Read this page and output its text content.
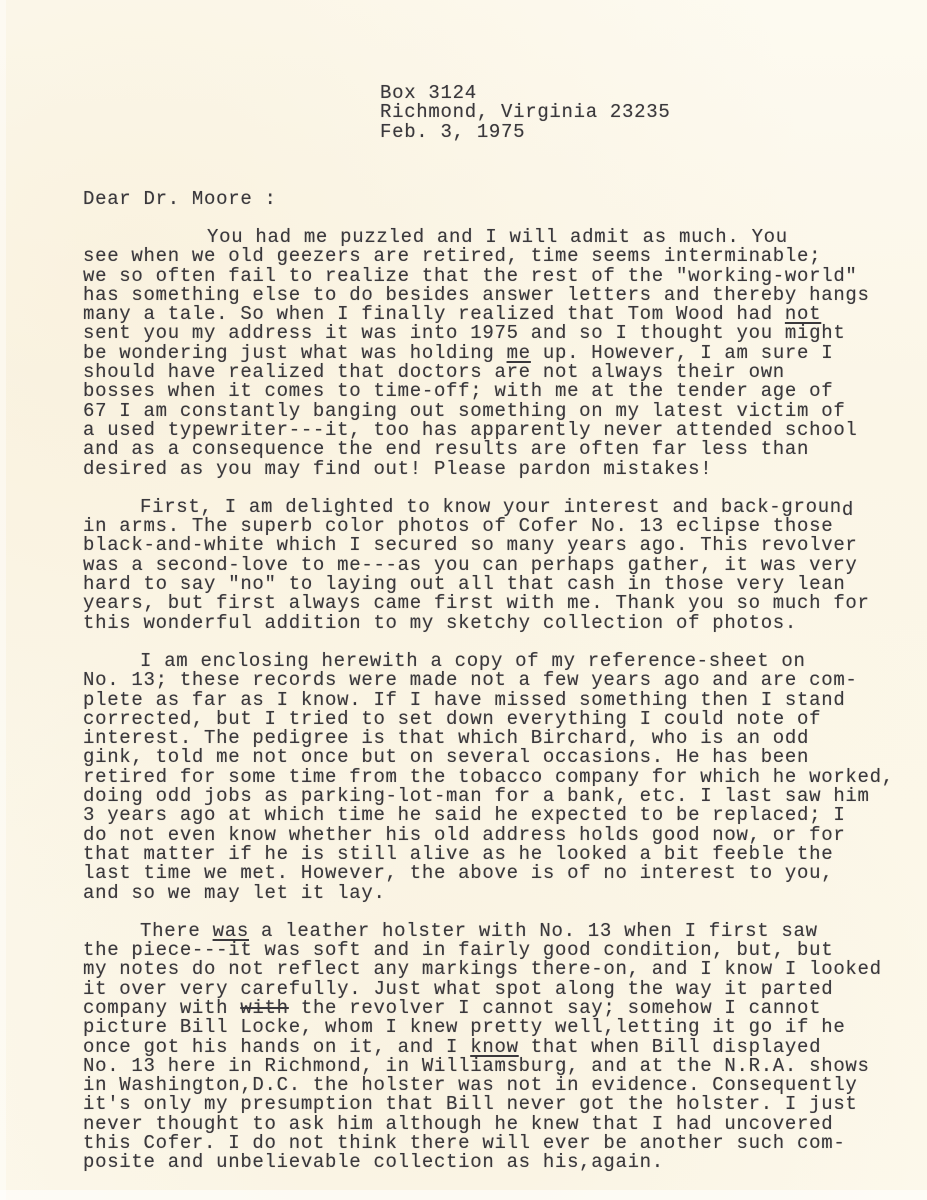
Box 3124
Richmond, Virginia 23235
Feb. 3, 1975
Dear Dr. Moore :
You had me puzzled and I will admit as much. You
see when we old geezers are retired, time seems interminable;
we so often fail to realize that the rest of the "working-world"
has something else to do besides answer letters and thereby hangs
many a tale. So when I finally realized that Tom Wood had not
sent you my address it was into 1975 and so I thought you might
be wondering just what was holding me up. However, I am sure I
should have realized that doctors are not always their own
bosses when it comes to time-off; with me at the tender age of
67 I am constantly banging out something on my latest victim of
a used typewriter---it, too has apparently never attended school
and as a consequence the end results are often far less than
desired as you may find out! Please pardon mistakes!
First, I am delighted to know your interest and back-ground
in arms. The superb color photos of Cofer No. 13 eclipse those
black-and-white which I secured so many years ago. This revolver
was a second-love to me---as you can perhaps gather, it was very
hard to say "no" to laying out all that cash in those very lean
years, but first always came first with me. Thank you so much for
this wonderful addition to my sketchy collection of photos.
I am enclosing herewith a copy of my reference-sheet on
No. 13; these records were made not a few years ago and are com-
plete as far as I know. If I have missed something then I stand
corrected, but I tried to set down everything I could note of
interest. The pedigree is that which Birchard, who is an odd
gink, told me not once but on several occasions. He has been
retired for some time from the tobacco company for which he worked,
doing odd jobs as parking-lot-man for a bank, etc. I last saw him
3 years ago at which time he said he expected to be replaced; I
do not even know whether his old address holds good now, or for
that matter if he is still alive as he looked a bit feeble the
last time we met. However, the above is of no interest to you,
and so we may let it lay.
There was a leather holster with No. 13 when I first saw
the piece---it was soft and in fairly good condition, but, but
my notes do not reflect any markings there-on, and I know I looked
it over very carefully. Just what spot along the way it parted
company with with the revolver I cannot say; somehow I cannot
picture Bill Locke, whom I knew pretty well,letting it go if he
once got his hands on it, and I know that when Bill displayed
No. 13 here in Richmond, in Williamsburg, and at the N.R.A. shows
in Washington,D.C. the holster was not in evidence. Consequently
it's only my presumption that Bill never got the holster. I just
never thought to ask him although he knew that I had uncovered
this Cofer. I do not think there will ever be another such com-
posite and unbelievable collection as his,again.
